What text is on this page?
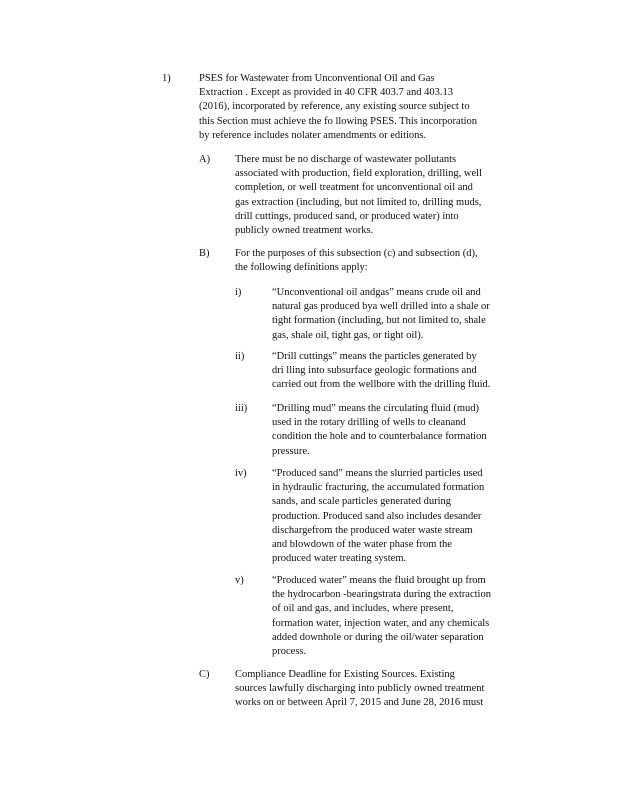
1)	PSES for Wastewater from Unconventional Oil and Gas
Extraction . Except as provided in 40 CFR 403.7 and 403.13
(2016), incorporated by reference, any existing source subject to
this Section must achieve the fo llowing PSES. This incorporation
by reference includes nolater amendments or editions.
A) There must be no discharge of wastewater pollutants
associated with production, field exploration, drilling, well
completion, or well treatment for unconventional oil and
gas extraction (including, but not limited to, drilling muds,
drill cuttings, produced sand, or produced water) into
publicly owned treatment works.
B) For the purposes of this subsection (c) and subsection (d),
the following definitions apply:
i)	“Unconventional oil andgas” means crude oil and
natural gas produced bya well drilled into a shale or
tight formation (including, but not limited to, shale
gas, shale oil, tight gas, or tight oil).
ii)	“Drill cuttings” means the particles generated by
dri lling into subsurface geologic formations and
carried out from the wellbore with the drilling fluid.
iii) “Drilling mud” means the circulating fluid (mud)
used in the rotary drilling of wells to cleanand
condition the hole and to counterbalance formation
pressure.
iv) “Produced sand” means the slurried particles used
in hydraulic fracturing, the accumulated formation
sands, and scale particles generated during
production. Produced sand also includes desander
dischargefrom the produced water waste stream
and blowdown of the water phase from the
produced water treating system.
v)	“Produced water” means the fluid brought up from
the hydrocarbon -bearingstrata during the extraction
of oil and gas, and includes, where present,
formation water, injection water, and any chemicals
added downhole or during the oil/water separation
process.
C) Compliance Deadline for Existing Sources. Existing
sources lawfully discharging into publicly owned treatment
works on or between April 7, 2015 and June 28, 2016 must
